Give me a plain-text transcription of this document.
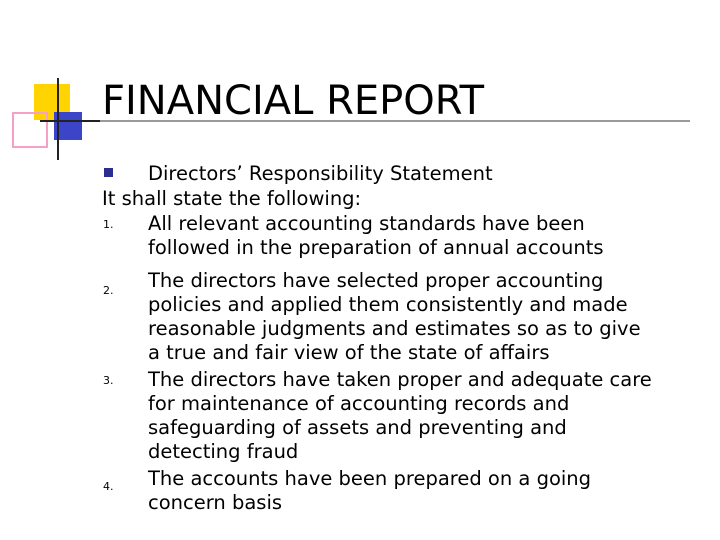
FINANCIAL REPORT
Directors’ Responsibility Statement
It shall state the following:
1. All relevant accounting standards have been
followed in the preparation of annual accounts
2. The directors have selected proper accounting
policies and applied them consistently and made
reasonable judgments and estimates so as to give
a true and fair view of the state of affairs
3. The directors have taken proper and adequate care
for maintenance of accounting records and
safeguarding of assets and preventing and
detecting fraud
4. The accounts have been prepared on a going
concern basis
